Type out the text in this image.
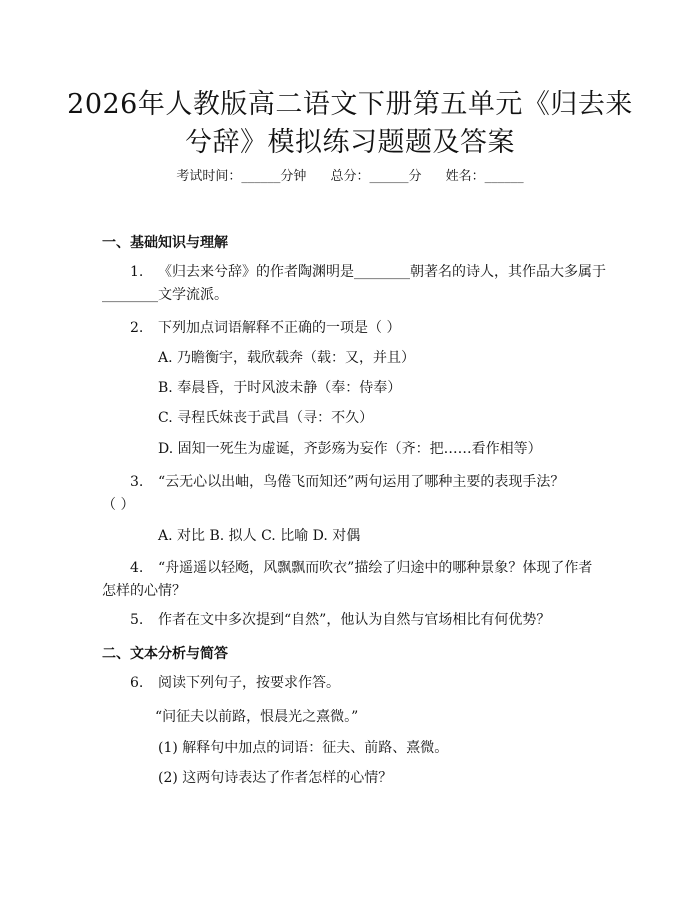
2026年人教版高二语文下册第五单元《归去来兮辞》模拟练习题题及答案
考试时间：______分钟 总分：______分 姓名：______
一、基础知识与理解
1. 《归去来兮辞》的作者陶渊明是________朝著名的诗人，其作品大多属于
________文学流派。
2. 下列加点词语解释不正确的一项是（ ）
A. 乃瞻衡宇，载欣载奔（载：又，并且）
B. 奉晨昏，于时风波未静（奉：侍奉）
C. 寻程氏妹丧于武昌（寻：不久）
D. 固知一死生为虚诞，齐彭殇为妄作（齐：把……看作相等）
3. “云无心以出岫，鸟倦飞而知还”两句运用了哪种主要的表现手法？
（ ）
A. 对比 B. 拟人 C. 比喻 D. 对偶
4. “舟遥遥以轻飏，风飘飘而吹衣”描绘了归途中的哪种景象？体现了作者
怎样的心情？
5. 作者在文中多次提到“自然”，他认为自然与官场相比有何优势？
二、文本分析与简答
6. 阅读下列句子，按要求作答。
“问征夫以前路，恨晨光之熹微。”
(1) 解释句中加点的词语：征夫、前路、熹微。
(2) 这两句诗表达了作者怎样的心情？
